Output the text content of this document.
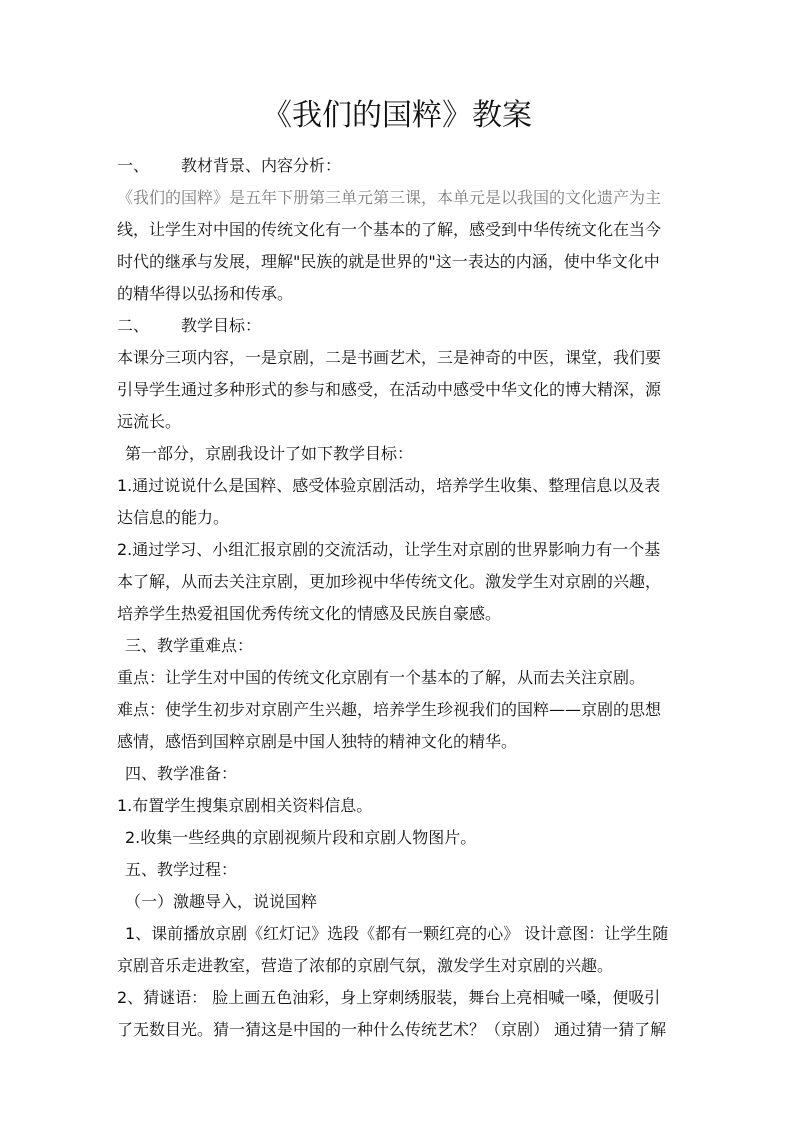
《我们的国粹》教案

一、 教材背景、内容分析：

《我们的国粹》是五年下册第三单元第三课，本单元是以我国的文化遗产为主

线，让学生对中国的传统文化有一个基本的了解，感受到中华传统文化在当今

时代的继承与发展，理解"民族的就是世界的"这一表达的内涵，使中华文化中

的精华得以弘扬和传承。

二、 教学目标：

本课分三项内容，一是京剧，二是书画艺术，三是神奇的中医，课堂，我们要

引导学生通过多种形式的参与和感受，在活动中感受中华文化的博大精深，源

远流长。

第一部分，京剧我设计了如下教学目标：

1.通过说说什么是国粹、感受体验京剧活动，培养学生收集、整理信息以及表

达信息的能力。

2.通过学习、小组汇报京剧的交流活动，让学生对京剧的世界影响力有一个基

本了解，从而去关注京剧，更加珍视中华传统文化。激发学生对京剧的兴趣，

培养学生热爱祖国优秀传统文化的情感及民族自豪感。

三、教学重难点：

重点：让学生对中国的传统文化京剧有一个基本的了解，从而去关注京剧。

难点：使学生初步对京剧产生兴趣，培养学生珍视我们的国粹——京剧的思想

感情，感悟到国粹京剧是中国人独特的精神文化的精华。

四、教学准备：

1.布置学生搜集京剧相关资料信息。

2.收集一些经典的京剧视频片段和京剧人物图片。

五、教学过程：

（一）激趣导入，说说国粹

1、课前播放京剧《红灯记》选段《都有一颗红亮的心》 设计意图：让学生随

京剧音乐走进教室，营造了浓郁的京剧气氛，激发学生对京剧的兴趣。

2、猜谜语： 脸上画五色油彩，身上穿刺绣服装，舞台上亮相喊一嗓，便吸引

了无数目光。猜一猜这是中国的一种什么传统艺术？（京剧） 通过猜一猜了解
